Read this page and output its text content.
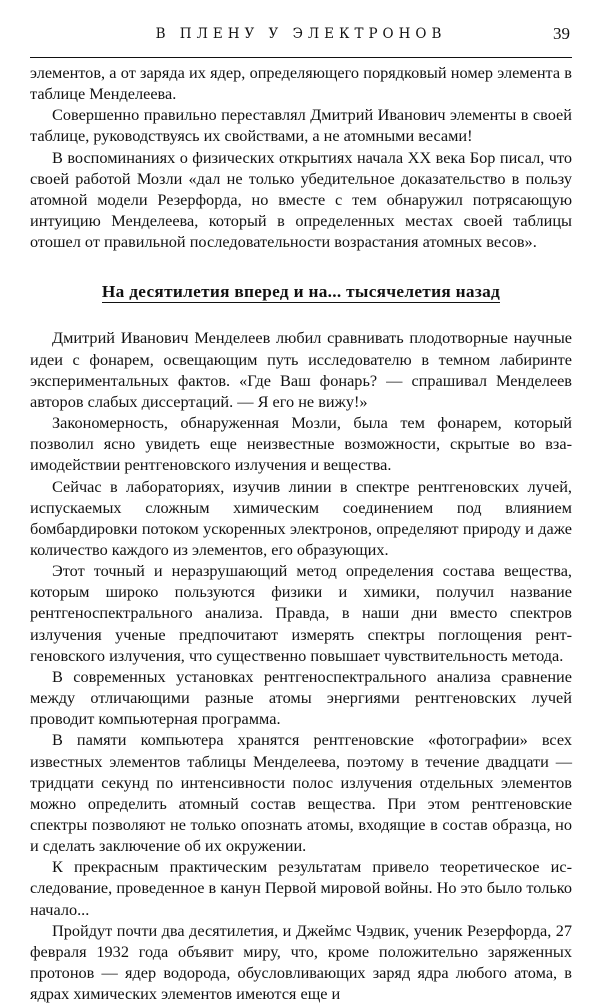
В ПЛЕНУ У ЭЛЕКТРОНОВ	39

элементов, а от заряда их ядер, определяющего порядковый номер элемента в таблице Менделеева.

Совершенно правильно переставлял Дмитрий Иванович элементы в своей таблице, руководствуясь их свойствами, а не атомными весами!

В воспоминаниях о физических открытиях начала XX века Бор писал, что своей работой Мозли «дал не только убедительное доказательство в пользу атомной модели Резерфорда, но вместе с тем обнаружил потрясающую интуицию Менделеева, который в определенных местах своей таблицы отошел от правильной последовательности возрастания атомных весов».

На десятилетия вперед и на... тысячелетия назад

Дмитрий Иванович Менделеев любил сравнивать плодотворные научные идеи с фонарем, освещающим путь исследователю в темном лабиринте экспериментальных фактов. «Где Ваш фонарь? — спрашивал Менделеев авторов слабых диссертаций. — Я его не вижу!»

Закономерность, обнаруженная Мозли, была тем фонарем, который позволил ясно увидеть еще неизвестные возможности, скрытые во взаимодействии рентгеновского излучения и вещества.

Сейчас в лабораториях, изучив линии в спектре рентгеновских лучей, испускаемых сложным химическим соединением под влиянием бомбардировки потоком ускоренных электронов, определяют природу и даже количество каждого из элементов, его образующих.

Этот точный и неразрушающий метод определения состава вещества, которым широко пользуются физики и химики, получил название рентгеноспектрального анализа. Правда, в наши дни вместо спектров излучения ученые предпочитают измерять спектры поглощения рентгеновского излучения, что существенно повышает чувствительность метода.

В современных установках рентгеноспектрального анализа сравнение между отличающими разные атомы энергиями рентгеновских лучей проводит компьютерная программа.

В памяти компьютера хранятся рентгеновские «фотографии» всех известных элементов таблицы Менделеева, поэтому в течение двадцати — тридцати секунд по интенсивности полос излучения отдельных элементов можно определить атомный состав вещества. При этом рентгеновские спектры позволяют не только опознать атомы, входящие в состав образца, но и сделать заключение об их окружении.

К прекрасным практическим результатам привело теоретическое исследование, проведенное в канун Первой мировой войны. Но это было только начало...

Пройдут почти два десятилетия, и Джеймс Чэдвик, ученик Резерфорда, 27 февраля 1932 года объявит миру, что, кроме положительно заряженных протонов — ядер водорода, обусловливающих заряд ядра любого атома, в ядрах химических элементов имеются еще и
